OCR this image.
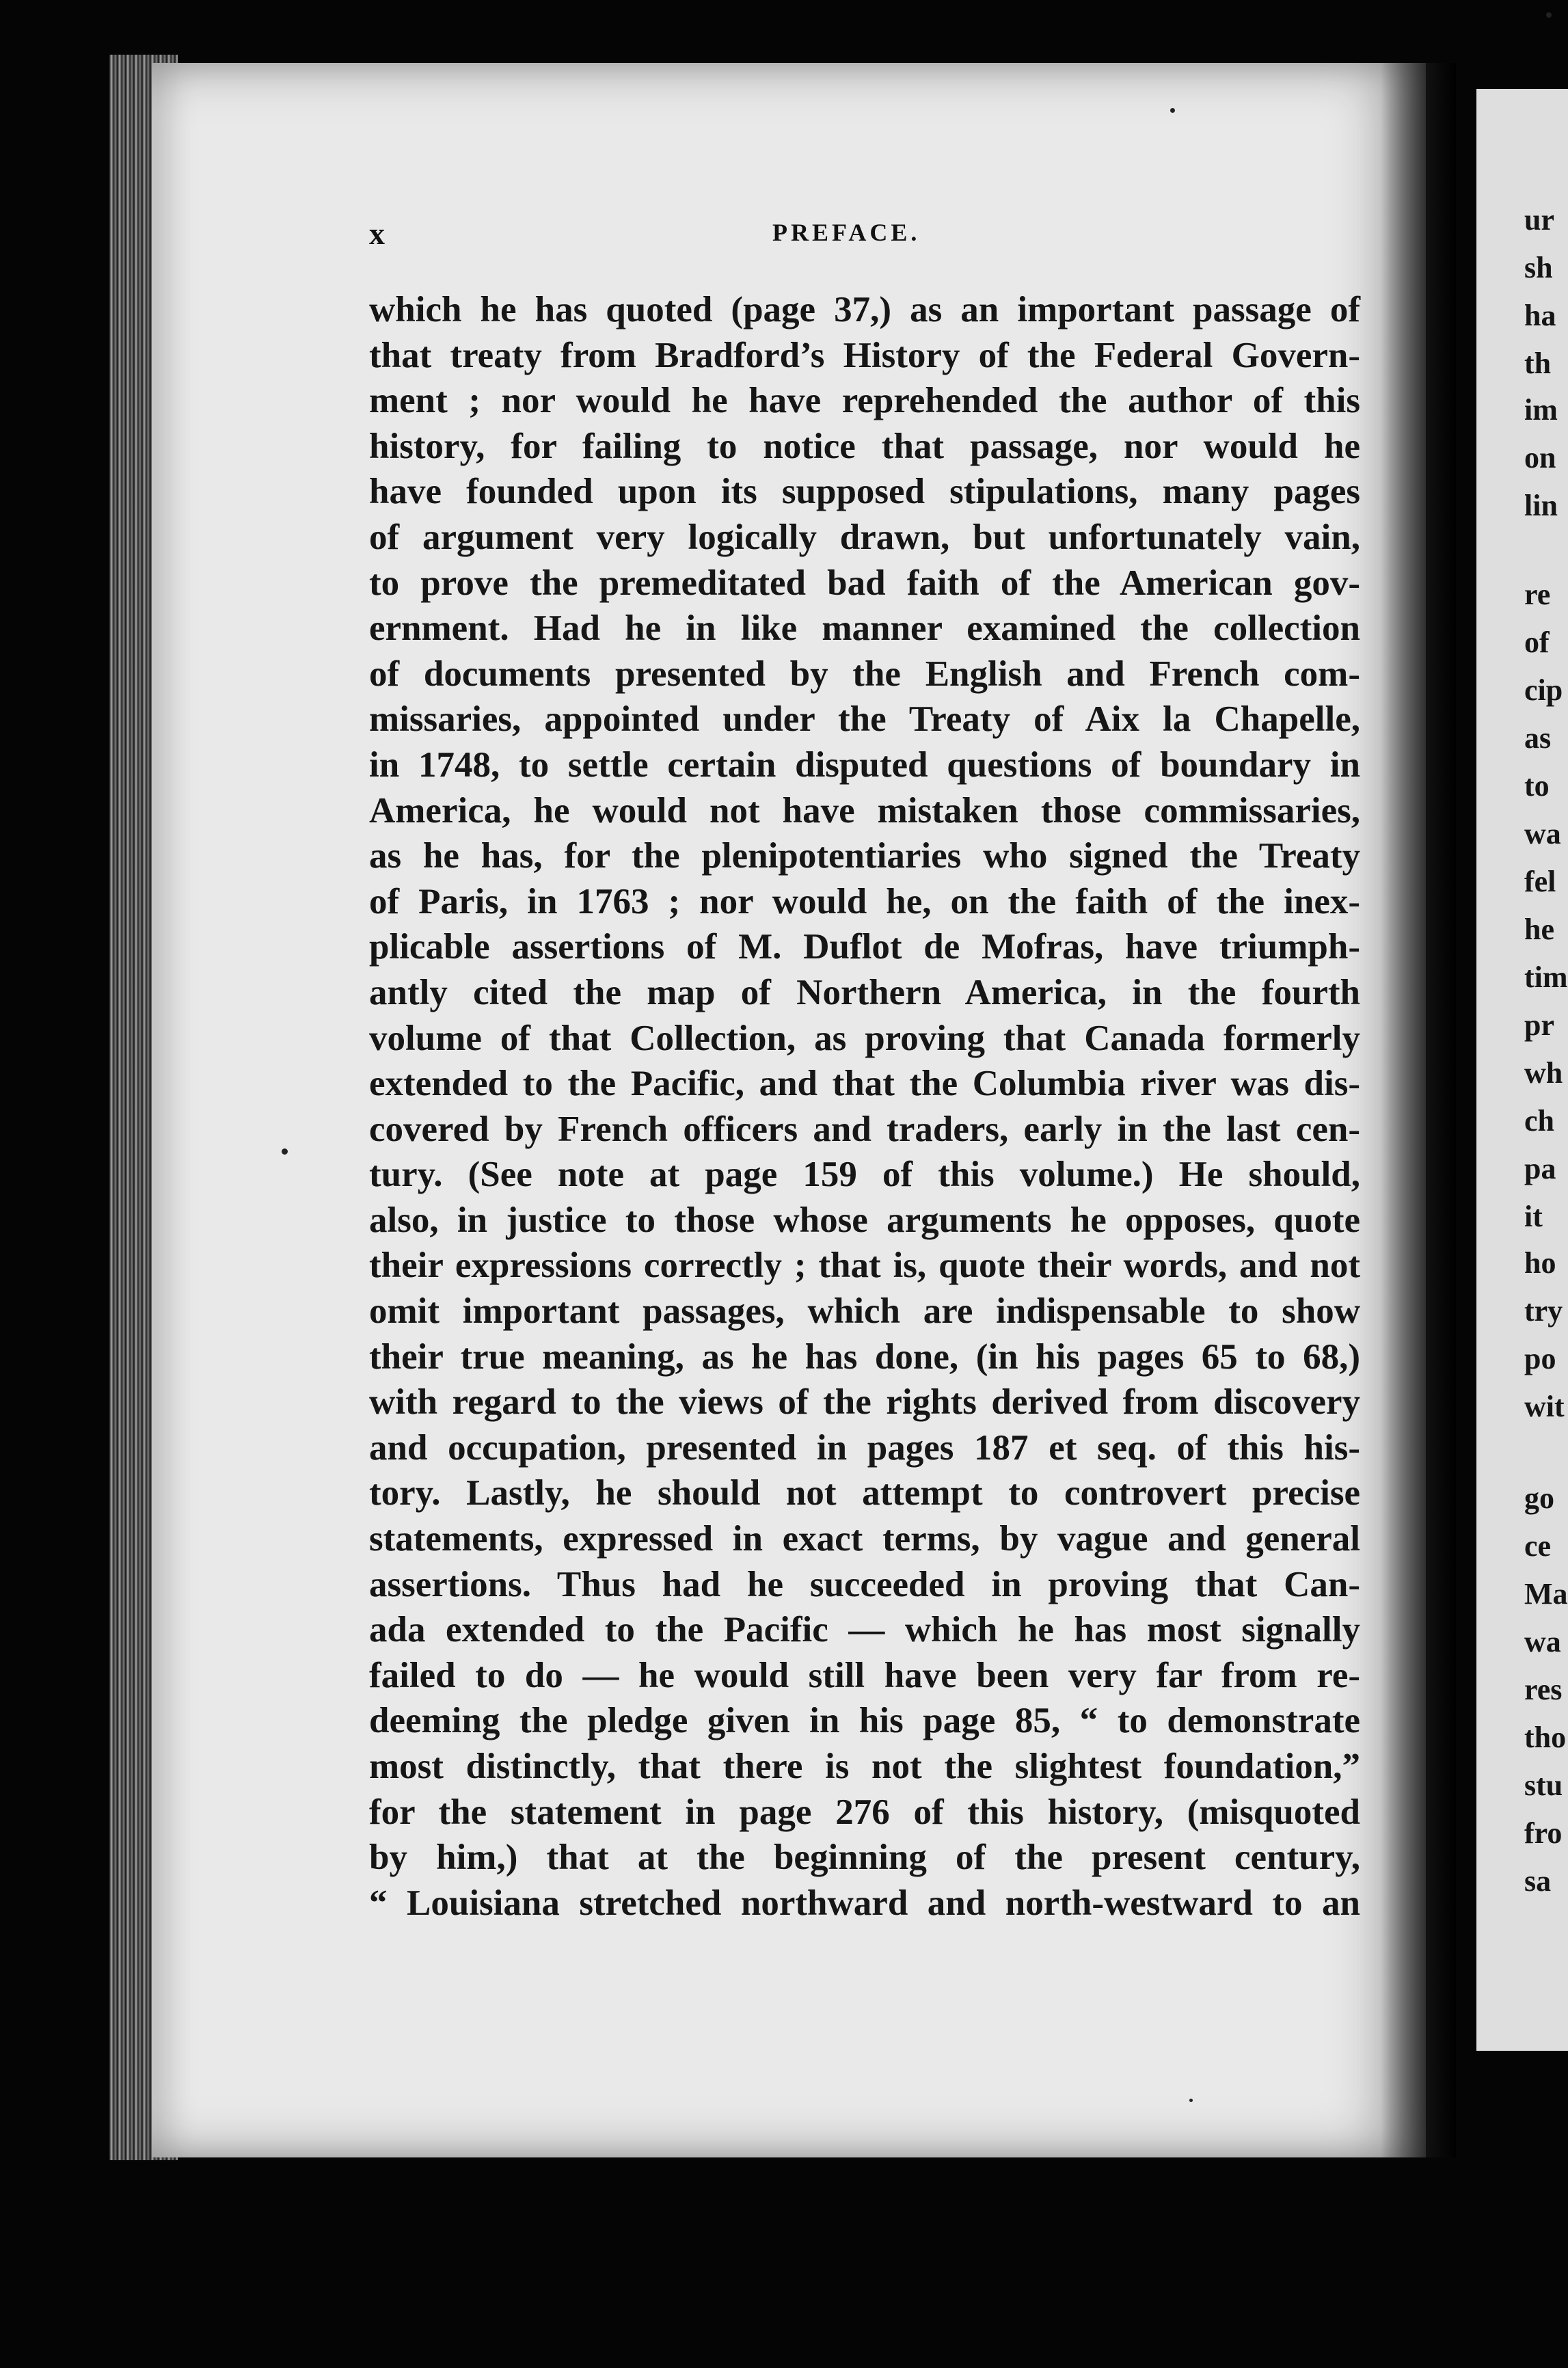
ur
sh
ha
th
im
on
lin
re
of
cip
as
to
wa
fel
he
tim
pr
wh
ch
pa
it
ho
try
po
wit
go
ce
Ma
wa
res
tho
stu
fro
sa
x	PREFACE.
which he has quoted (page 37,) as an important passage of
that treaty from Bradford’s History of the Federal Govern-
ment ; nor would he have reprehended the author of this
history, for failing to notice that passage, nor would he
have founded upon its supposed stipulations, many pages
of argument very logically drawn, but unfortunately vain,
to prove the premeditated bad faith of the American gov-
ernment. Had he in like manner examined the collection
of documents presented by the English and French com-
missaries, appointed under the Treaty of Aix la Chapelle,
in 1748, to settle certain disputed questions of boundary in
America, he would not have mistaken those commissaries,
as he has, for the plenipotentiaries who signed the Treaty
of Paris, in 1763 ; nor would he, on the faith of the inex-
plicable assertions of M. Duflot de Mofras, have triumph-
antly cited the map of Northern America, in the fourth
volume of that Collection, as proving that Canada formerly
extended to the Pacific, and that the Columbia river was dis-
covered by French officers and traders, early in the last cen-
tury. (See note at page 159 of this volume.) He should,
also, in justice to those whose arguments he opposes, quote
their expressions correctly ; that is, quote their words, and not
omit important passages, which are indispensable to show
their true meaning, as he has done, (in his pages 65 to 68,)
with regard to the views of the rights derived from discovery
and occupation, presented in pages 187 et seq. of this his-
tory. Lastly, he should not attempt to controvert precise
statements, expressed in exact terms, by vague and general
assertions. Thus had he succeeded in proving that Can-
ada extended to the Pacific — which he has most signally
failed to do — he would still have been very far from re-
deeming the pledge given in his page 85, “ to demonstrate
most distinctly, that there is not the slightest foundation,”
for the statement in page 276 of this history, (misquoted
by him,) that at the beginning of the present century,
“ Louisiana stretched northward and north-westward to an
